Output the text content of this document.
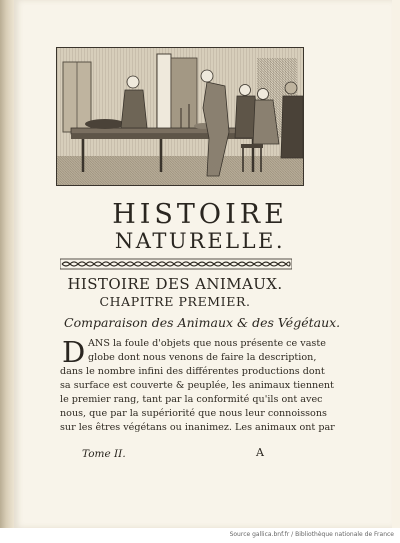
HISTOIRE
NATURELLE.
HISTOIRE DES ANIMAUX.
CHAPITRE PREMIER.
Comparaison des Animaux & des Végétaux.
D ANS la foule d'objets que nous présente ce vaste
globe dont nous venons de faire la description,
dans le nombre infini des différentes productions dont
sa surface est couverte & peuplée, les animaux tiennent
le premier rang, tant par la conformité qu'ils ont avec
nous, que par la supériorité que nous leur connoissons
sur les êtres végétans ou inanimez. Les animaux ont par
Tome II.	A
Source gallica.bnf.fr / Bibliothèque nationale de France
